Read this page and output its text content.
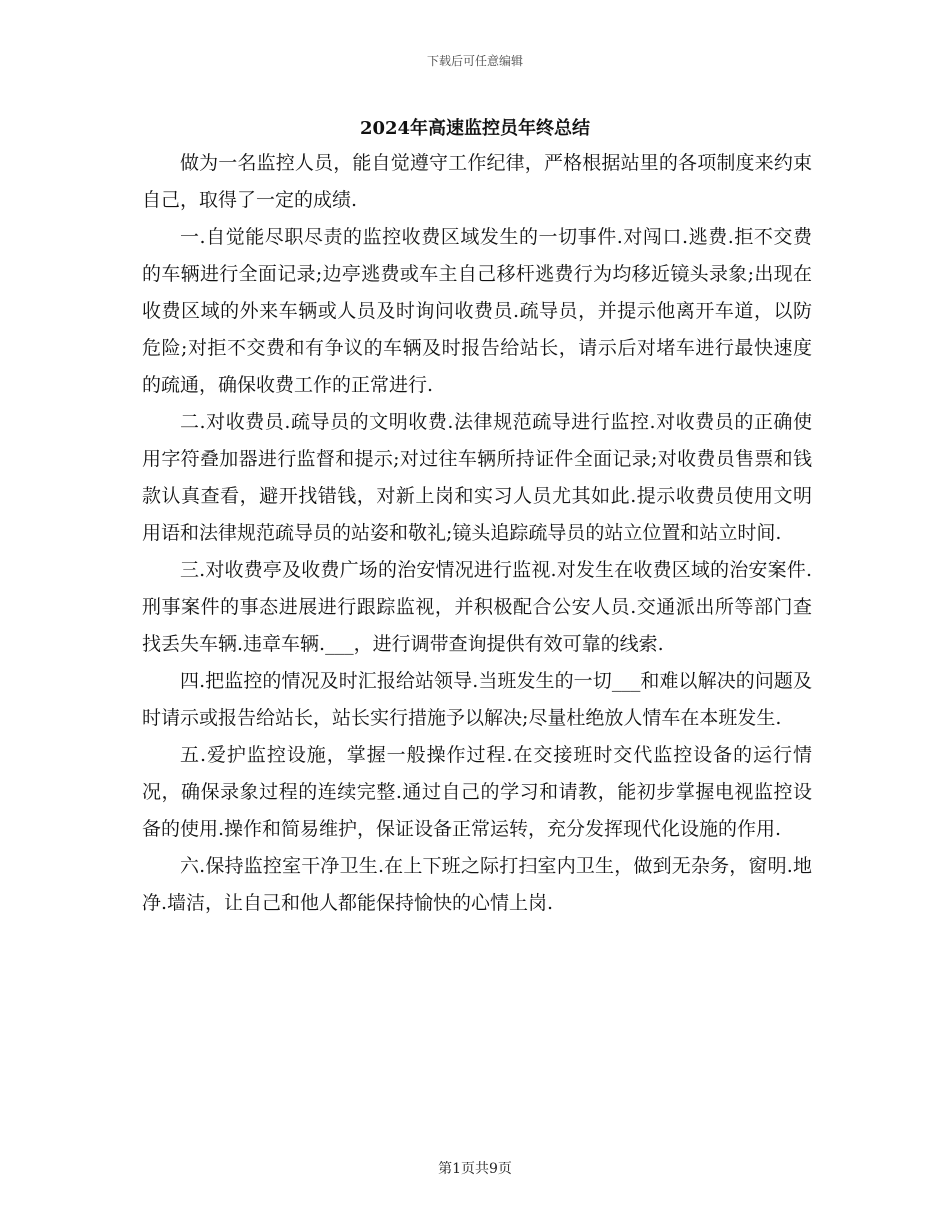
下载后可任意编辑
2024年高速监控员年终总结

做为一名监控人员，能自觉遵守工作纪律，严格根据站里的各项制度来约束自己，取得了一定的成绩.

一.自觉能尽职尽责的监控收费区域发生的一切事件.对闯口.逃费.拒不交费的车辆进行全面记录;边亭逃费或车主自己移杆逃费行为均移近镜头录象;出现在收费区域的外来车辆或人员及时询问收费员.疏导员，并提示他离开车道，以防危险;对拒不交费和有争议的车辆及时报告给站长，请示后对堵车进行最快速度的疏通，确保收费工作的正常进行.

二.对收费员.疏导员的文明收费.法律规范疏导进行监控.对收费员的正确使用字符叠加器进行监督和提示;对过往车辆所持证件全面记录;对收费员售票和钱款认真查看，避开找错钱，对新上岗和实习人员尤其如此.提示收费员使用文明用语和法律规范疏导员的站姿和敬礼;镜头追踪疏导员的站立位置和站立时间.

三.对收费亭及收费广场的治安情况进行监视.对发生在收费区域的治安案件.刑事案件的事态进展进行跟踪监视，并积极配合公安人员.交通派出所等部门查找丢失车辆.违章车辆.___，进行调带查询提供有效可靠的线索.

四.把监控的情况及时汇报给站领导.当班发生的一切___和难以解决的问题及时请示或报告给站长，站长实行措施予以解决;尽量杜绝放人情车在本班发生.

五.爱护监控设施，掌握一般操作过程.在交接班时交代监控设备的运行情况，确保录象过程的连续完整.通过自己的学习和请教，能初步掌握电视监控设备的使用.操作和简易维护，保证设备正常运转，充分发挥现代化设施的作用.

六.保持监控室干净卫生.在上下班之际打扫室内卫生，做到无杂务，窗明.地净.墙洁，让自己和他人都能保持愉快的心情上岗.

第1页共9页
